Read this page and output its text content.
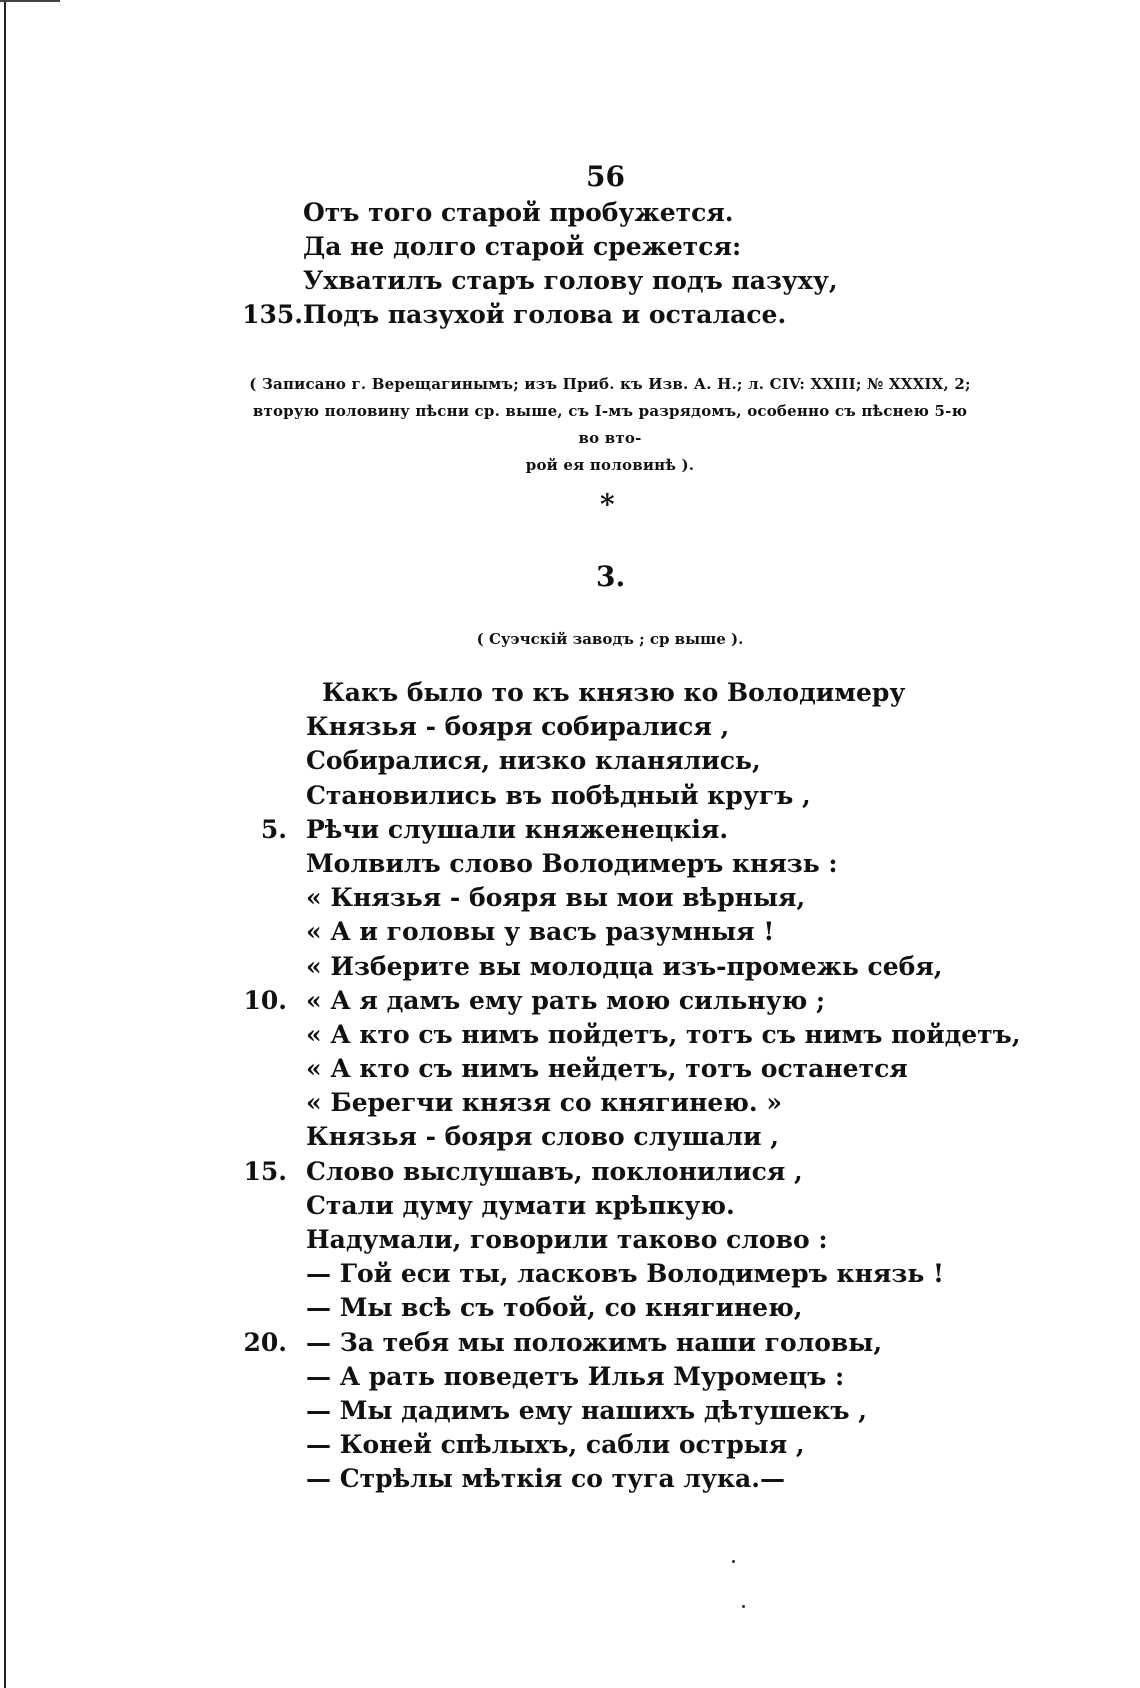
56
Отъ того старой пробужется.
Да не долго старой срежется:
Ухватилъ старъ голову подъ пазуху,
135. Подъ пазухой голова и осталасе.
( Записано г. Верещагинымъ; изъ Приб. къ Изв. А. Н.; л. CIV: XXIII; № XXXIX, 2;
вторую половину пѣсни ср. выше, съ I-мъ разрядомъ, особенно съ пѣснею 5-ю во вто-
рой ея половинѣ ).
*
3.
( Суэчскій заводъ ; ср выше ).
Какъ было то къ князю ко Володимеру
Князья - бояря собиралися ,
Собиралися, низко кланялись,
Становились въ побѣдный кругъ ,
5. Рѣчи слушали княженецкія.
Молвилъ слово Володимеръ князь :
« Князья - бояря вы мои вѣрныя,
« А и головы у васъ разумныя !
« Изберите вы молодца изъ-промежь себя,
10. « А я дамъ ему рать мою сильную ;
« А кто съ нимъ пойдетъ, тотъ съ нимъ пойдетъ,
« А кто съ нимъ нейдетъ, тотъ останется
« Берегчи князя со княгинею. »
Князья - бояря слово слушали ,
15. Слово выслушавъ, поклонилися ,
Стали думу думати крѣпкую.
Надумали, говорили таково слово :
— Гой еси ты, ласковъ Володимеръ князь !
— Мы всѣ съ тобой, со княгинею,
20. — За тебя мы положимъ наши головы,
— А рать поведетъ Илья Муромецъ :
— Мы дадимъ ему нашихъ дѣтушекъ ,
— Коней спѣлыхъ, сабли острыя ,
— Стрѣлы мѣткія со туга лука.—
